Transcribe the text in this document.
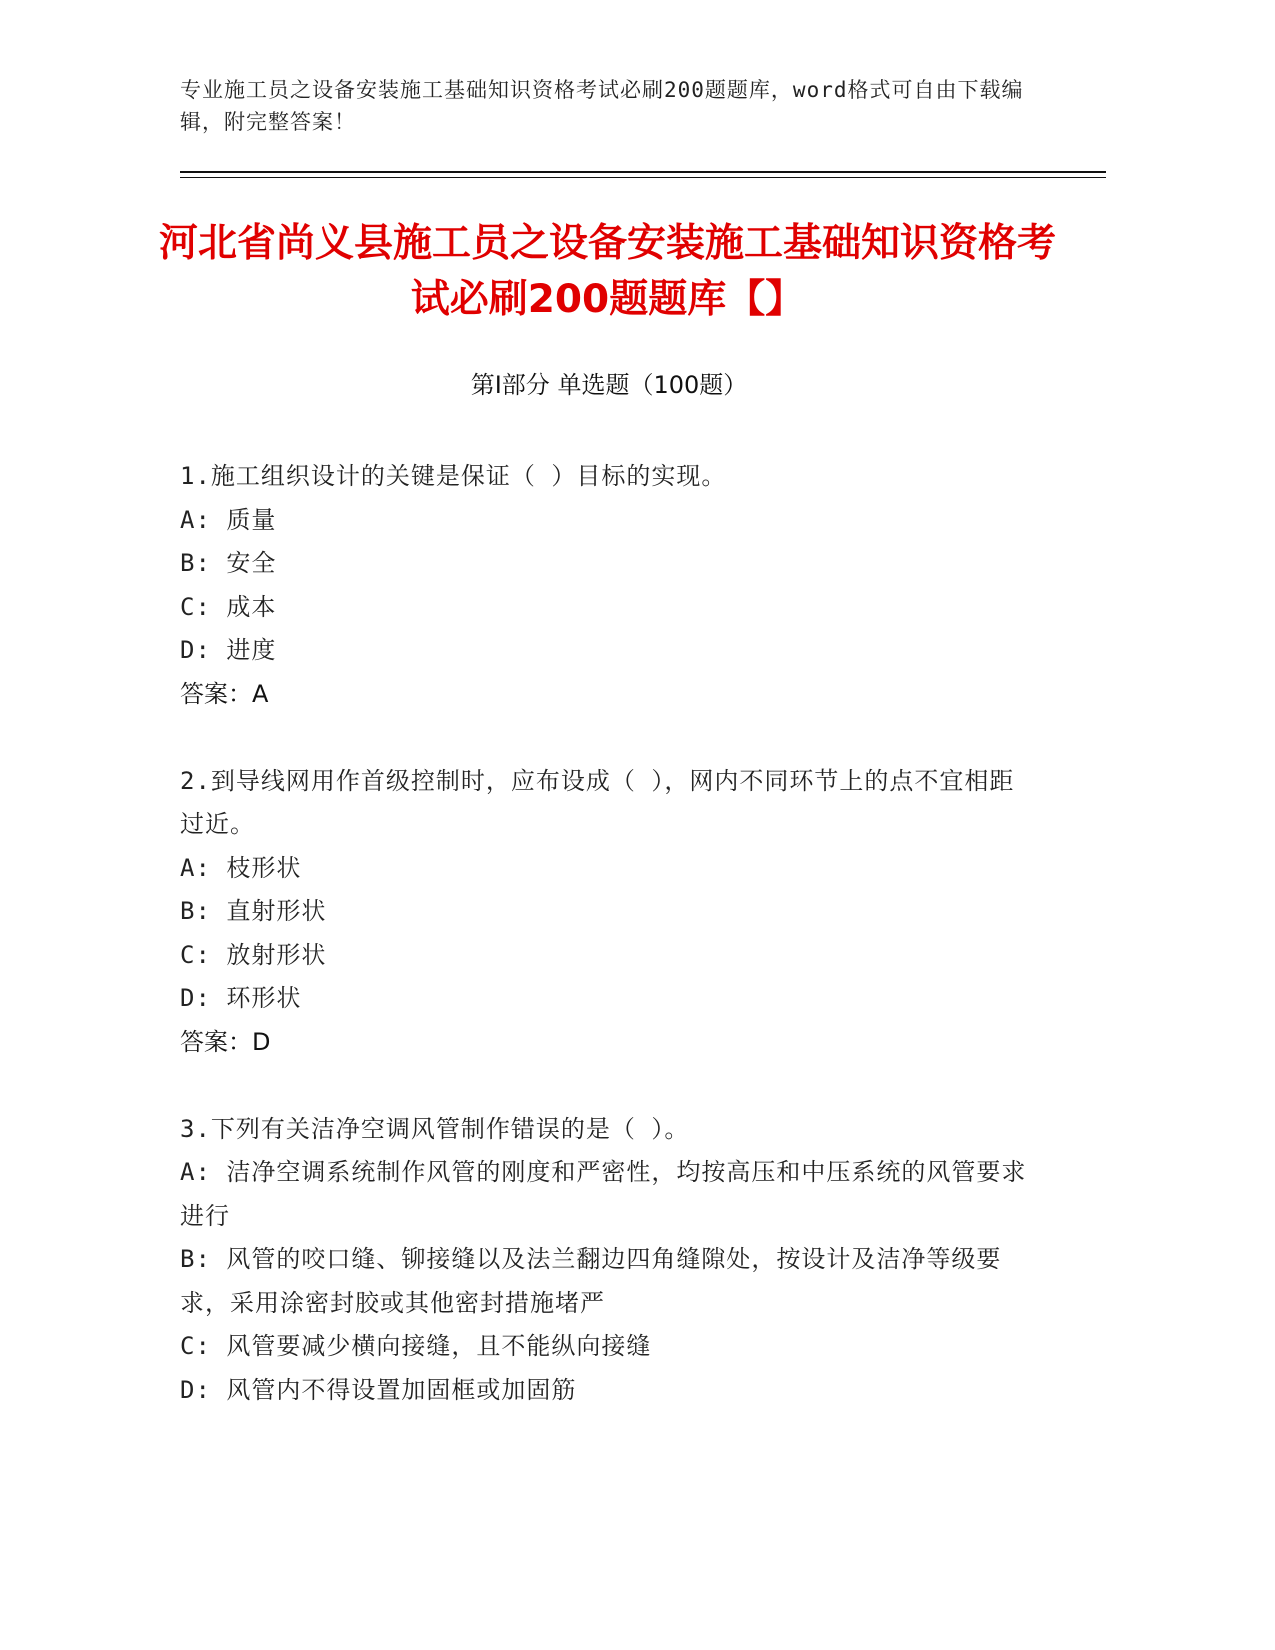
专业施工员之设备安装施工基础知识资格考试必刷200题题库，word格式可自由下载编辑，附完整答案！
河北省尚义县施工员之设备安装施工基础知识资格考试必刷200题题库【】
第I部分 单选题（100题）

1.施工组织设计的关键是保证（ ）目标的实现。

A: 质量

B: 安全

C: 成本

D: 进度

答案：A

2.到导线网用作首级控制时，应布设成（ ），网内不同环节上的点不宜相距过近。

A: 枝形状

B: 直射形状

C: 放射形状

D: 环形状

答案：D

3.下列有关洁净空调风管制作错误的是（ ）。

A: 洁净空调系统制作风管的刚度和严密性，均按高压和中压系统的风管要求进行

B: 风管的咬口缝、铆接缝以及法兰翻边四角缝隙处，按设计及洁净等级要求，采用涂密封胶或其他密封措施堵严

C: 风管要减少横向接缝，且不能纵向接缝

D: 风管内不得设置加固框或加固筋
